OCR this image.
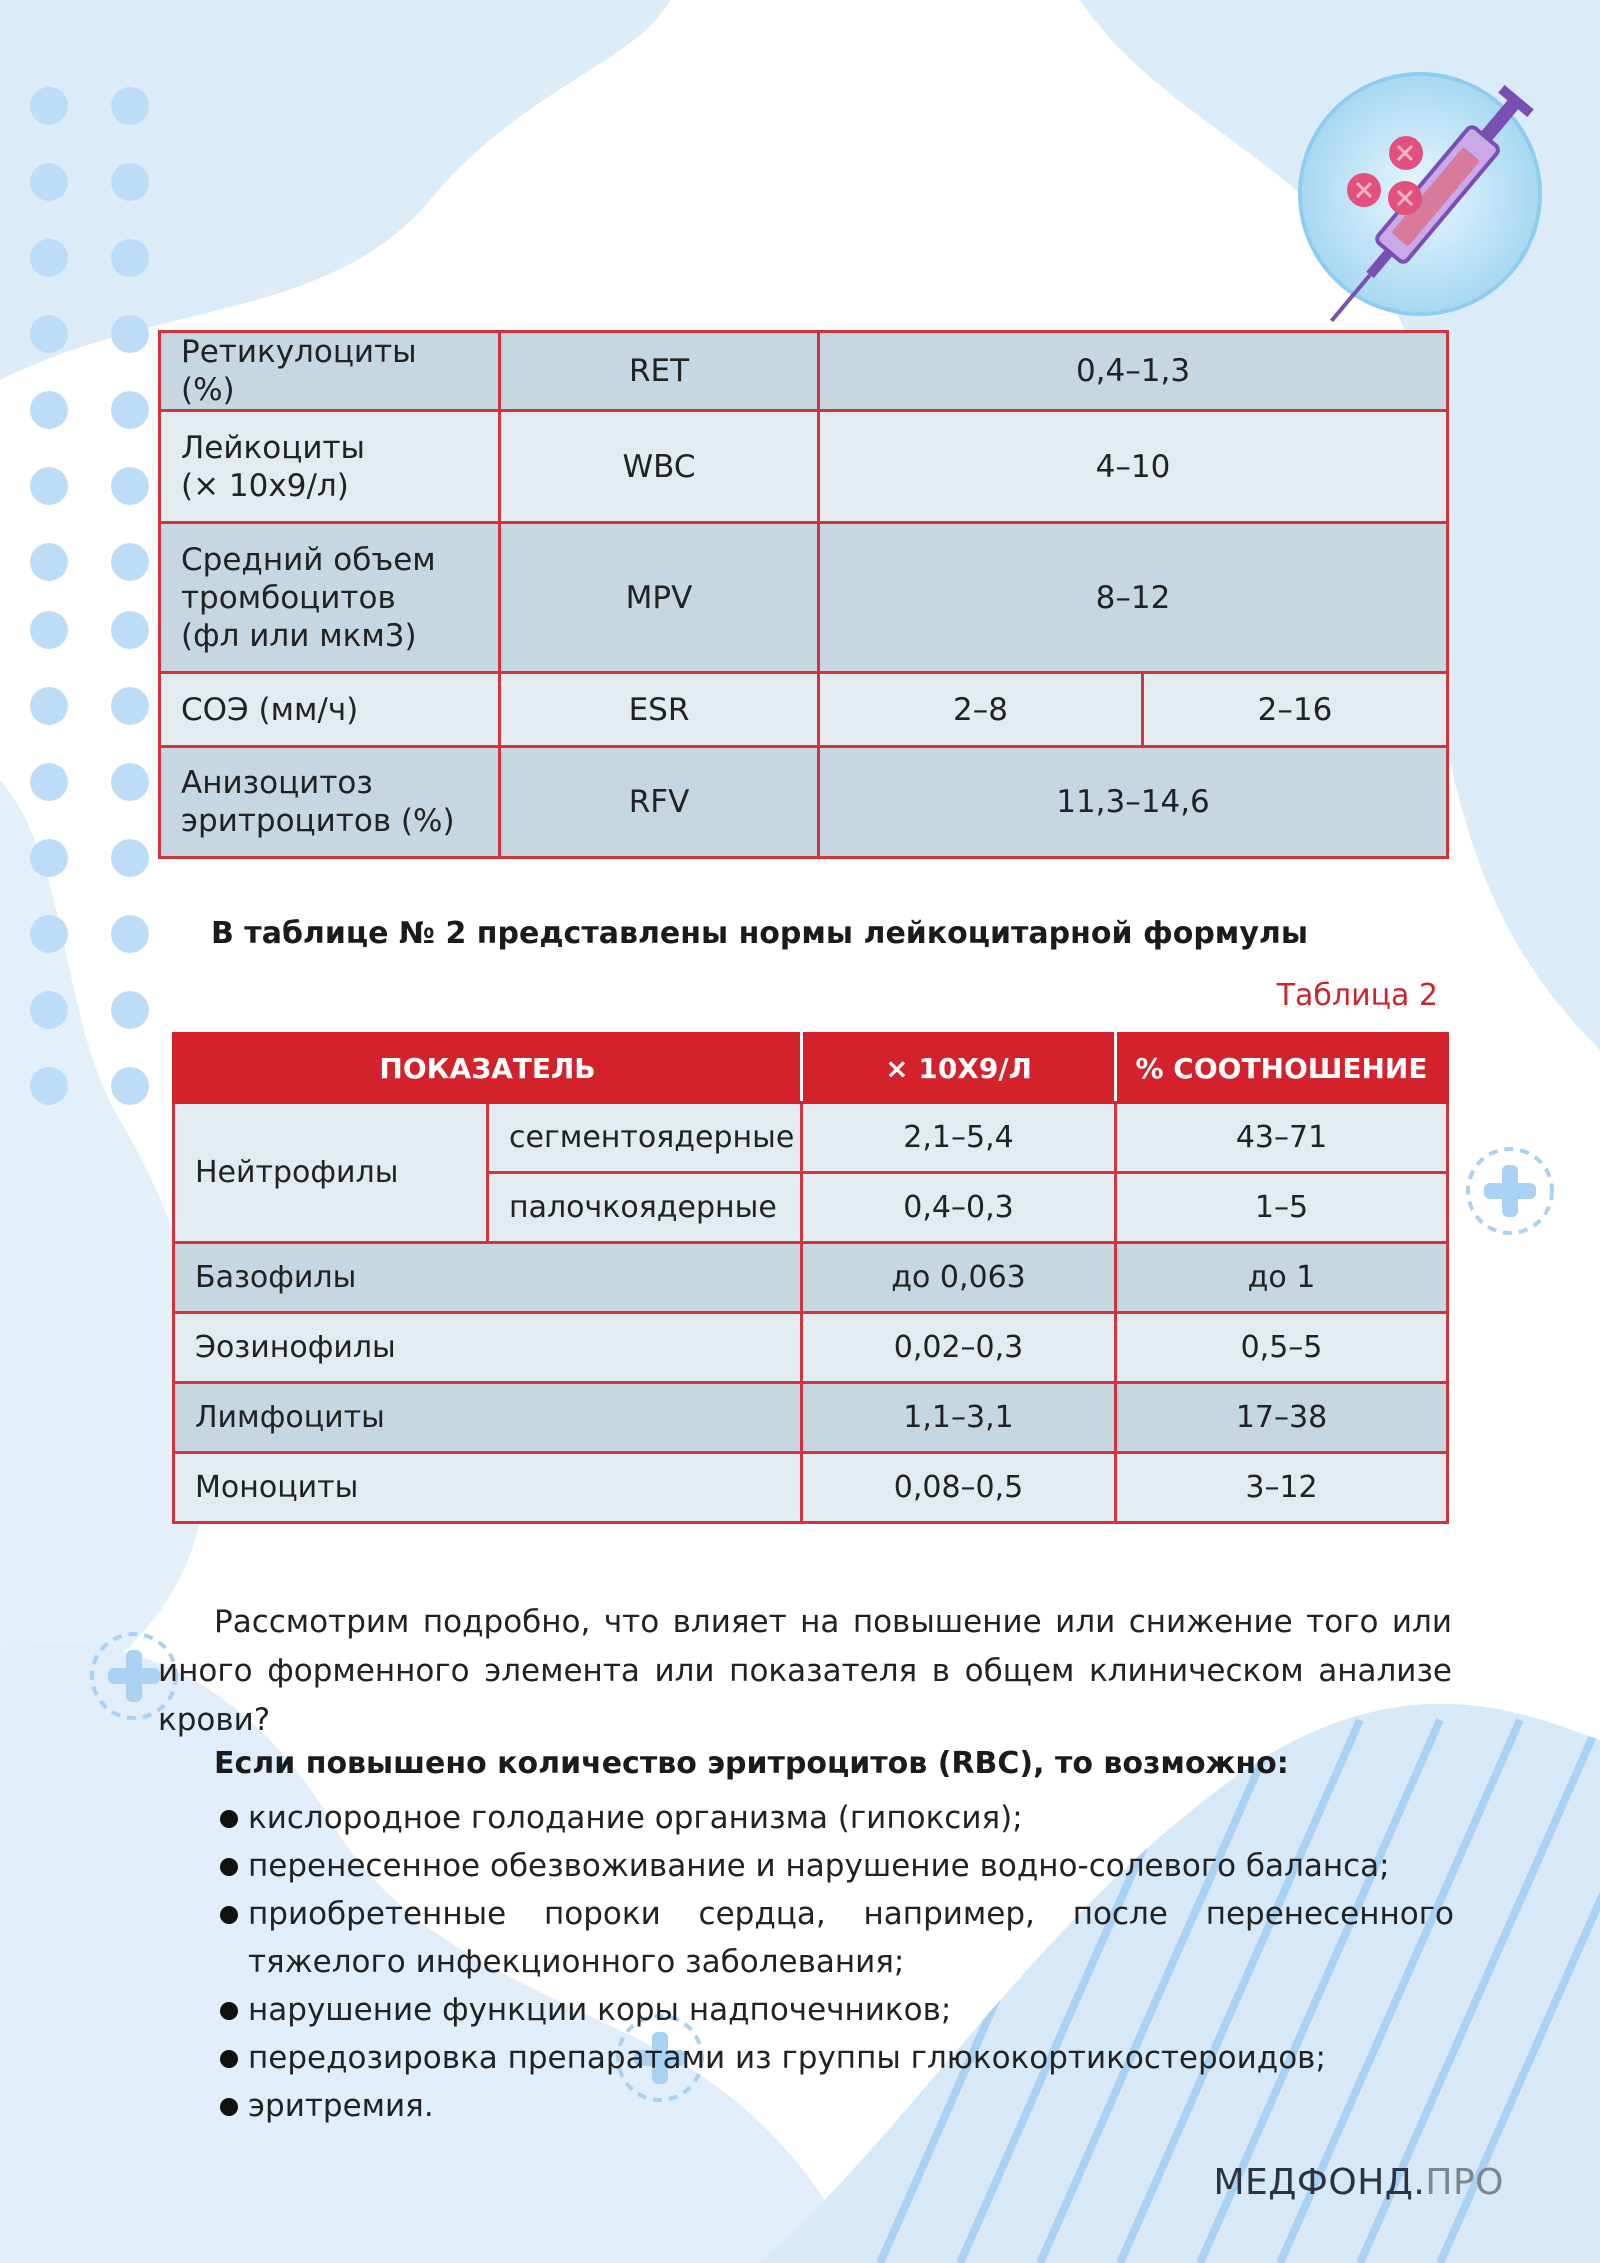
Ретикулоциты (%)	RET	0,4–1,3	
Лейкоциты
(× 10х9/л)	WBC	4–10	
Средний объем
тромбоцитов
(фл или мкм3)	MPV	8–12	
СОЭ (мм/ч)	ESR	2–8	2–16
Анизоцитоз
эритроцитов (%)	RFV	11,3–14,6	
В таблице № 2 представлены нормы лейкоцитарной формулы
Таблица 2
ПОКАЗАТЕЛЬ		× 10Х9/Л	% СООТНОШЕНИЕ
Нейтрофилы	сегментоядерные	2,1–5,4	43–71
	палочкоядерные	0,4–0,3	1–5
Базофилы		до 0,063	до 1
Эозинофилы		0,02–0,3	0,5–5
Лимфоциты		1,1–3,1	17–38
Моноциты		0,08–0,5	3–12
Рассмотрим подробно, что влияет на повышение или снижение того или иного форменного элемента или показателя в общем клиническом анализе крови?
Если повышено количество эритроцитов (RBC), то возможно:
кислородное голодание организма (гипоксия);
перенесенное обезвоживание и нарушение водно-солевого баланса;
приобретенные пороки сердца, например, после перенесенного тяжелого инфекционного заболевания;
нарушение функции коры надпочечников;
передозировка препаратами из группы глюкокортикостероидов;
эритремия.
МЕДФОНД.ПРО
